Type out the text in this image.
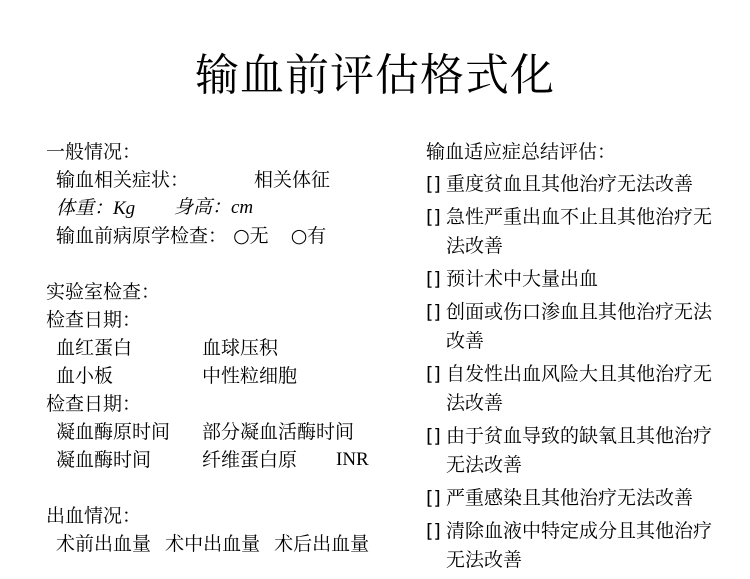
输血前评估格式化
一般情况：
输血相关症状：	相关体征
体重：Kg 身高：cm
输血前病原学检查： ○无 ○有
实验室检查：
检查日期：
血红蛋白	血球压积
血小板	中性粒细胞
检查日期：
凝血酶原时间 部分凝血活酶时间
凝血酶时间	纤维蛋白原 INR
出血情况：
术前出血量 术中出血量 术后出血量
输血适应症总结评估：
[] 重度贫血且其他治疗无法改善
[] 急性严重出血不止且其他治疗无法改善
[] 预计术中大量出血
[] 创面或伤口渗血且其他治疗无法改善
[] 自发性出血风险大且其他治疗无法改善
[] 由于贫血导致的缺氧且其他治疗无法改善
[] 严重感染且其他治疗无法改善
[] 清除血液中特定成分且其他治疗无法改善
